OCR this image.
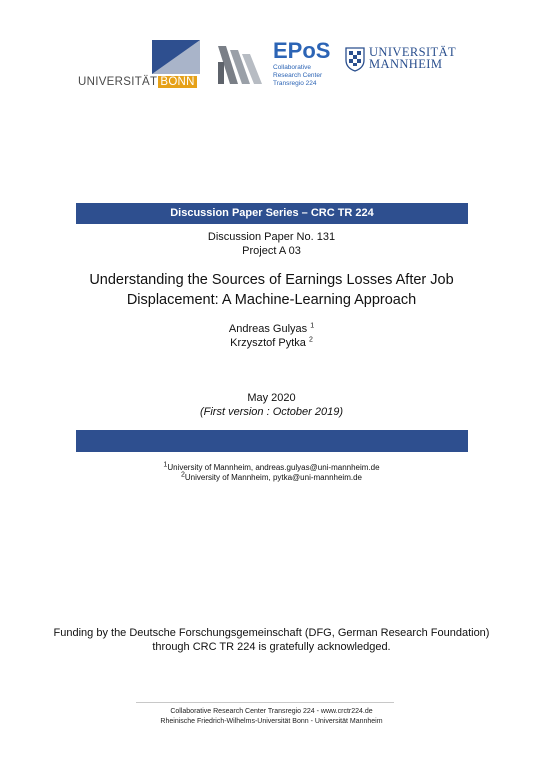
UNIVERSITÄT BONN
EPoS
Collaborative
Research Center
Transregio 224
UNIVERSITÄT
MANNHEIM
Discussion Paper Series – CRC TR 224
Discussion Paper No. 131
Project A 03
Understanding the Sources of Earnings Losses After Job
Displacement: A Machine-Learning Approach
Andreas Gulyas $^1$
Krzysztof Pytka $^2$
May 2020
(First version : October 2019)
$^1$University of Mannheim, andreas.gulyas@uni-mannheim.de
$^2$University of Mannheim, pytka@uni-mannheim.de
Funding by the Deutsche Forschungsgemeinschaft (DFG, German Research Foundation)
through CRC TR 224 is gratefully acknowledged.
Collaborative Research Center Transregio 224 - www.crctr224.de
Rheinische Friedrich-Wilhelms-Universität Bonn - Universität Mannheim
